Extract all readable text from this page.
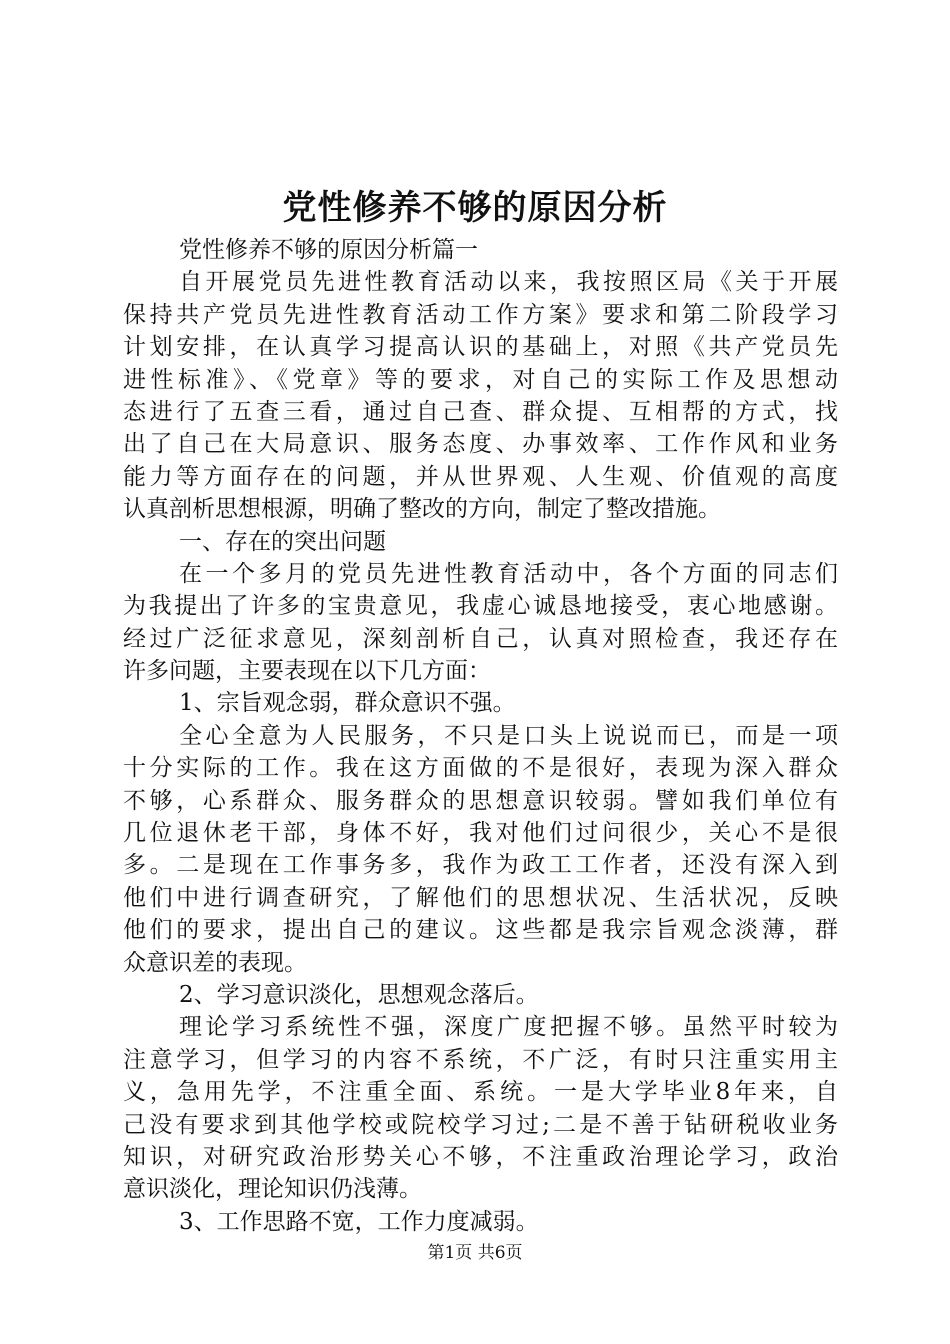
党性修养不够的原因分析
党性修养不够的原因分析篇一
自开展党员先进性教育活动以来，我按照区局《关于开展
保持共产党员先进性教育活动工作方案》要求和第二阶段学习
计划安排，在认真学习提高认识的基础上，对照《共产党员先
进性标准》、《党章》等的要求，对自己的实际工作及思想动
态进行了五查三看，通过自己查、群众提、互相帮的方式，找
出了自己在大局意识、服务态度、办事效率、工作作风和业务
能力等方面存在的问题，并从世界观、人生观、价值观的高度
认真剖析思想根源，明确了整改的方向，制定了整改措施。
一、存在的突出问题
在一个多月的党员先进性教育活动中，各个方面的同志们
为我提出了许多的宝贵意见，我虚心诚恳地接受，衷心地感谢。
经过广泛征求意见，深刻剖析自己，认真对照检查，我还存在
许多问题，主要表现在以下几方面：
1、宗旨观念弱，群众意识不强。
全心全意为人民服务，不只是口头上说说而已，而是一项
十分实际的工作。我在这方面做的不是很好，表现为深入群众
不够，心系群众、服务群众的思想意识较弱。譬如我们单位有
几位退休老干部，身体不好，我对他们过问很少，关心不是很
多。二是现在工作事务多，我作为政工工作者，还没有深入到
他们中进行调查研究，了解他们的思想状况、生活状况，反映
他们的要求，提出自己的建议。这些都是我宗旨观念淡薄，群
众意识差的表现。
2、学习意识淡化，思想观念落后。
理论学习系统性不强，深度广度把握不够。虽然平时较为
注意学习，但学习的内容不系统，不广泛，有时只注重实用主
义，急用先学，不注重全面、系统。一是大学毕业8年来，自
己没有要求到其他学校或院校学习过;二是不善于钻研税收业务
知识，对研究政治形势关心不够，不注重政治理论学习，政治
意识淡化，理论知识仍浅薄。
3、工作思路不宽，工作力度减弱。
第1页 共6页
